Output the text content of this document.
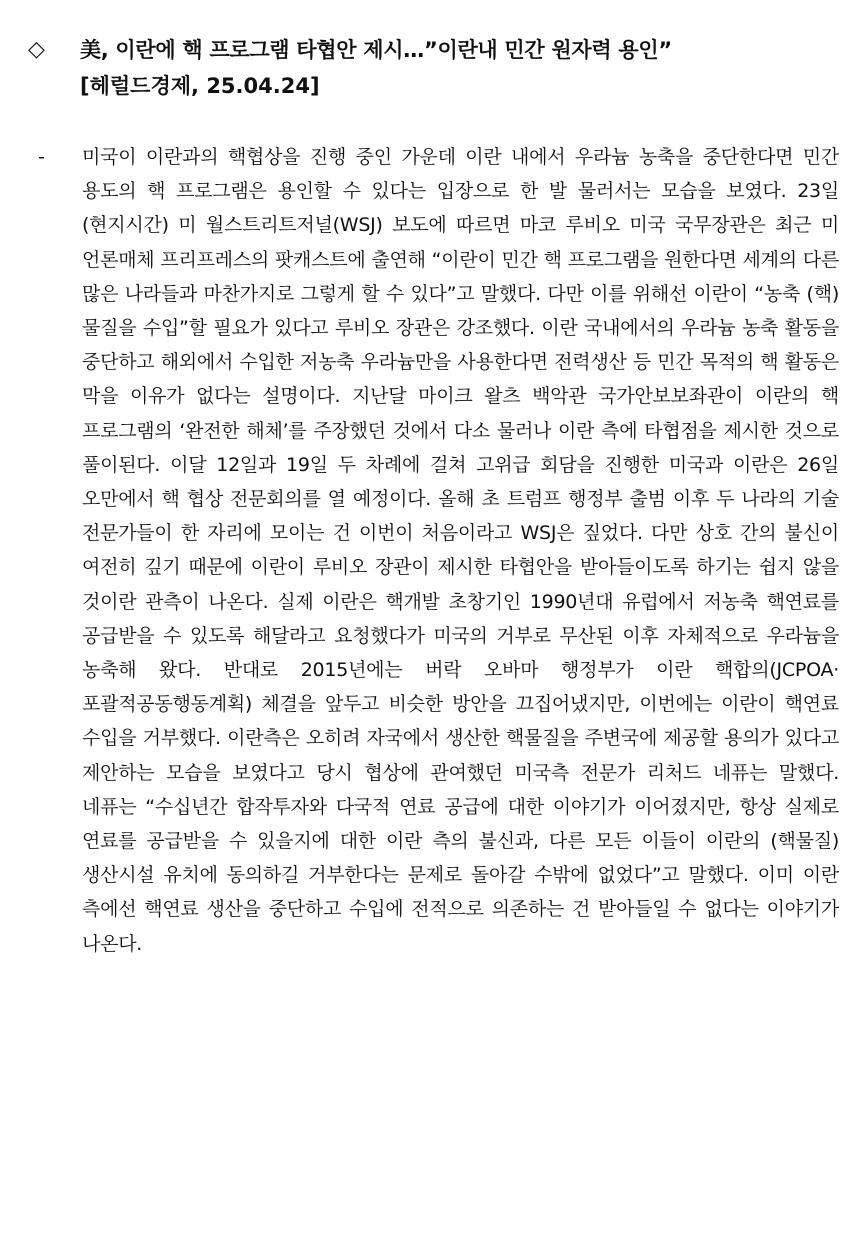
◇	美, 이란에 핵 프로그램 타협안 제시…”이란내 민간 원자력 용인”
[헤럴드경제, 25.04.24]
-	미국이 이란과의 핵협상을 진행 중인 가운데 이란 내에서 우라늄 농축을 중단한다면 민간 용도의 핵 프로그램은 용인할 수 있다는 입장으로 한 발 물러서는 모습을 보였다. 23일(현지시간) 미 월스트리트저널(WSJ) 보도에 따르면 마코 루비오 미국 국무장관은 최근 미 언론매체 프리프레스의 팟캐스트에 출연해 “이란이 민간 핵 프로그램을 원한다면 세계의 다른 많은 나라들과 마찬가지로 그렇게 할 수 있다”고 말했다. 다만 이를 위해선 이란이 “농축 (핵) 물질을 수입”할 필요가 있다고 루비오 장관은 강조했다. 이란 국내에서의 우라늄 농축 활동을 중단하고 해외에서 수입한 저농축 우라늄만을 사용한다면 전력생산 등 민간 목적의 핵 활동은 막을 이유가 없다는 설명이다. 지난달 마이크 왈츠 백악관 국가안보보좌관이 이란의 핵 프로그램의 ‘완전한 해체’를 주장했던 것에서 다소 물러나 이란 측에 타협점을 제시한 것으로 풀이된다. 이달 12일과 19일 두 차례에 걸쳐 고위급 회담을 진행한 미국과 이란은 26일 오만에서 핵 협상 전문회의를 열 예정이다. 올해 초 트럼프 행정부 출범 이후 두 나라의 기술 전문가들이 한 자리에 모이는 건 이번이 처음이라고 WSJ은 짚었다. 다만 상호 간의 불신이 여전히 깊기 때문에 이란이 루비오 장관이 제시한 타협안을 받아들이도록 하기는 쉽지 않을 것이란 관측이 나온다. 실제 이란은 핵개발 초창기인 1990년대 유럽에서 저농축 핵연료를 공급받을 수 있도록 해달라고 요청했다가 미국의 거부로 무산된 이후 자체적으로 우라늄을 농축해 왔다. 반대로 2015년에는 버락 오바마 행정부가 이란 핵합의(JCPOA·포괄적공동행동계획) 체결을 앞두고 비슷한 방안을 끄집어냈지만, 이번에는 이란이 핵연료 수입을 거부했다. 이란측은 오히려 자국에서 생산한 핵물질을 주변국에 제공할 용의가 있다고 제안하는 모습을 보였다고 당시 협상에 관여했던 미국측 전문가 리처드 네퓨는 말했다. 네퓨는 “수십년간 합작투자와 다국적 연료 공급에 대한 이야기가 이어졌지만, 항상 실제로 연료를 공급받을 수 있을지에 대한 이란 측의 불신과, 다른 모든 이들이 이란의 (핵물질) 생산시설 유치에 동의하길 거부한다는 문제로 돌아갈 수밖에 없었다”고 말했다. 이미 이란 측에선 핵연료 생산을 중단하고 수입에 전적으로 의존하는 건 받아들일 수 없다는 이야기가 나온다.
